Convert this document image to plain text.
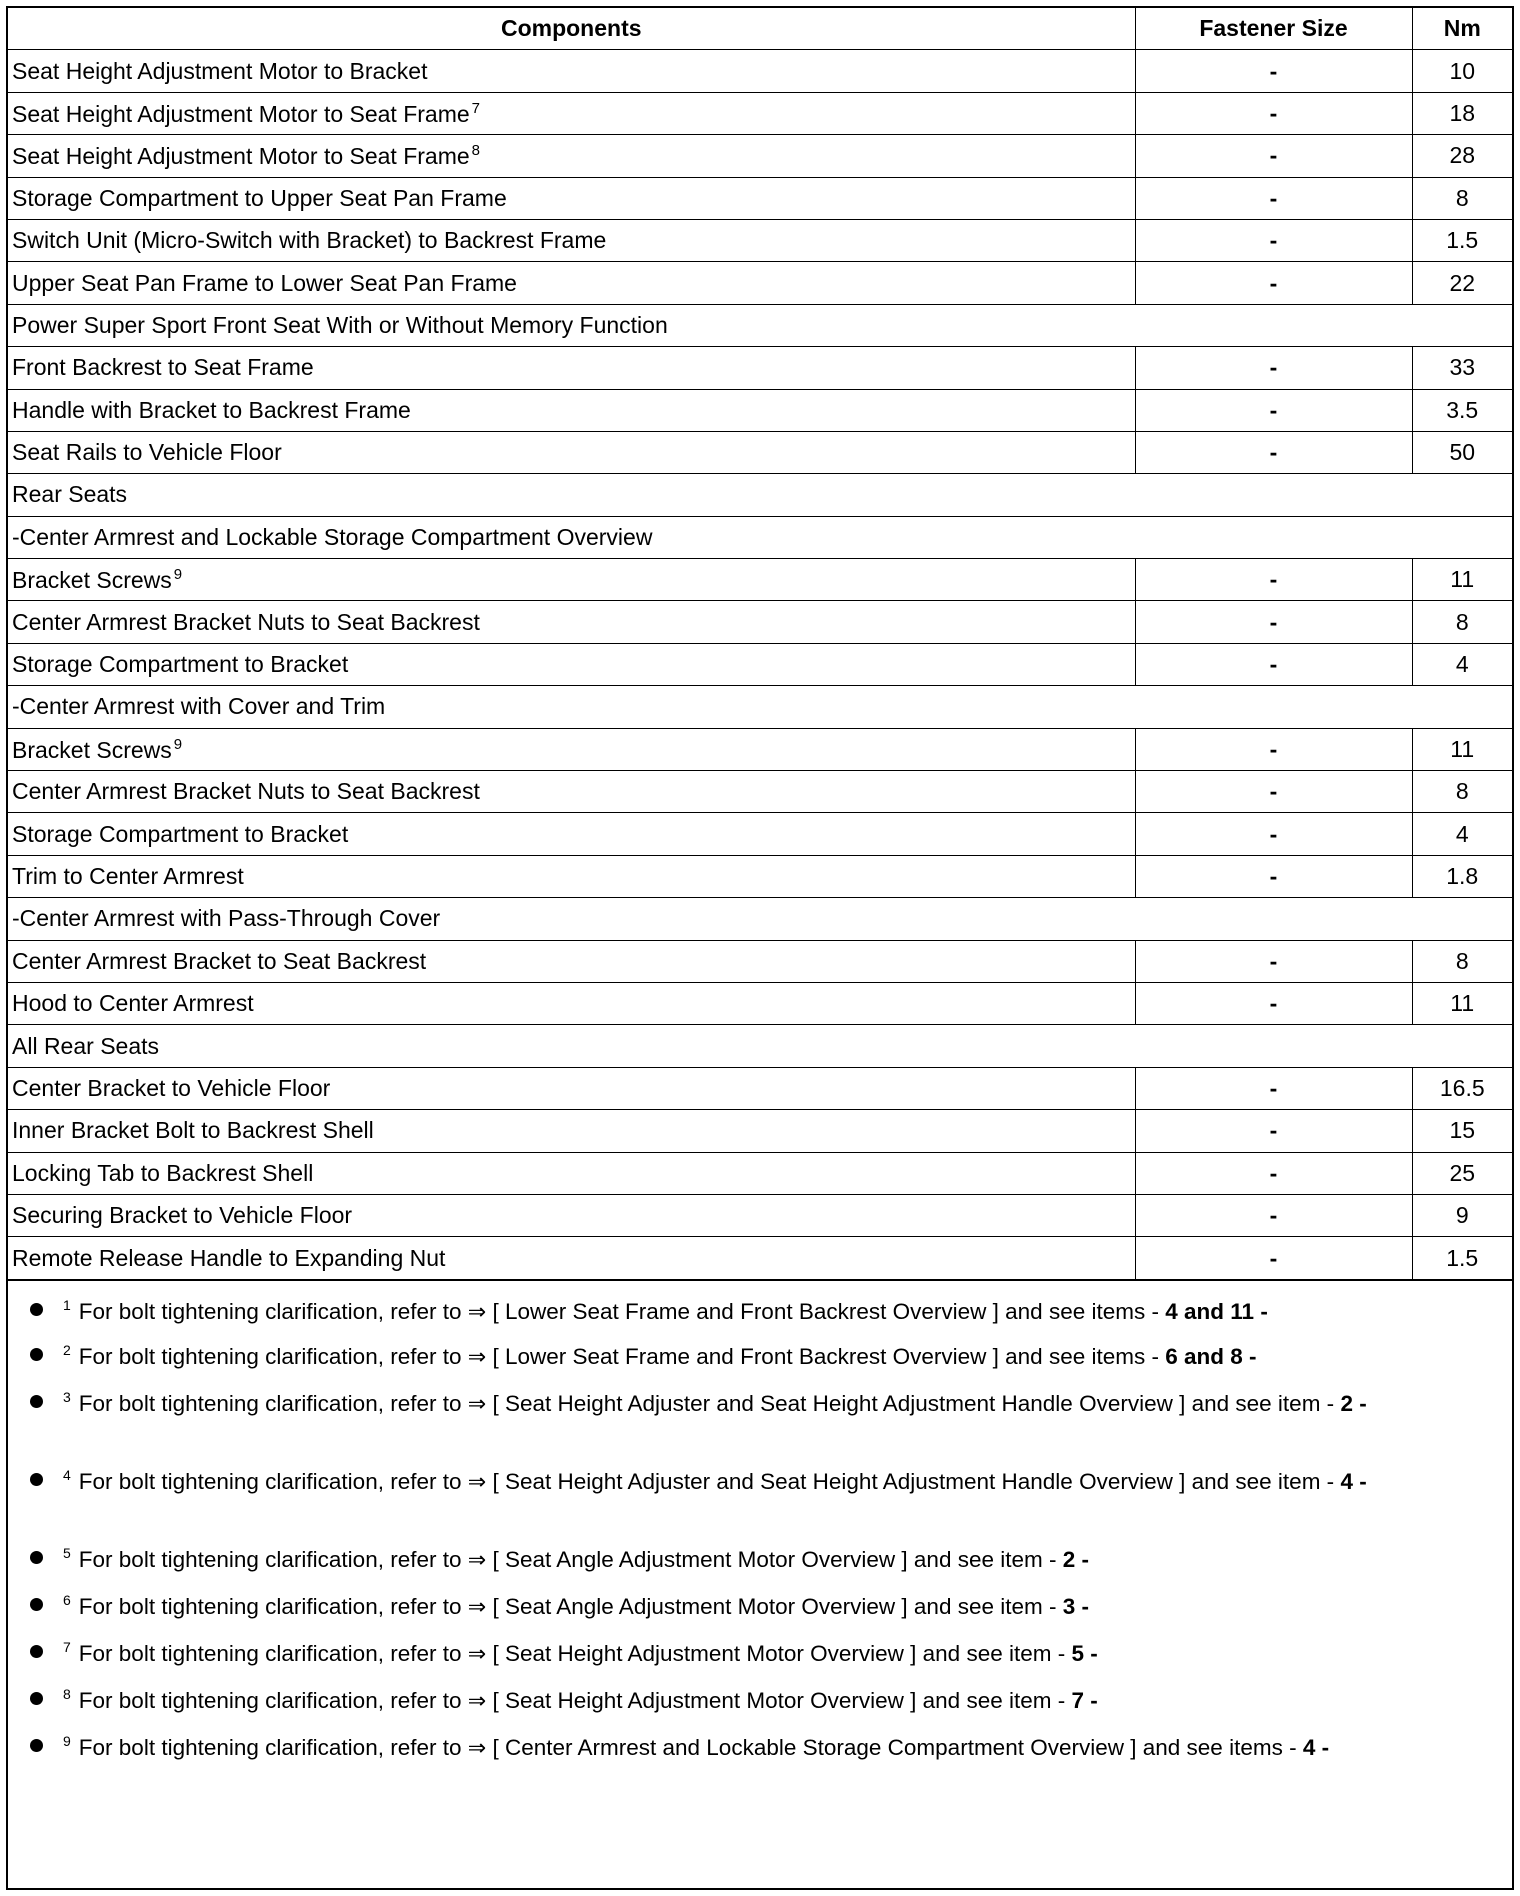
Components	Fastener Size	Nm
Seat Height Adjustment Motor to Bracket	-	10
Seat Height Adjustment Motor to Seat Frame $^7$	-	18
Seat Height Adjustment Motor to Seat Frame $^8$	-	28
Storage Compartment to Upper Seat Pan Frame	-	8
Switch Unit (Micro-Switch with Bracket) to Backrest Frame	-	1.5
Upper Seat Pan Frame to Lower Seat Pan Frame	-	22
Power Super Sport Front Seat With or Without Memory Function		
Front Backrest to Seat Frame	-	33
Handle with Bracket to Backrest Frame	-	3.5
Seat Rails to Vehicle Floor	-	50
Rear Seats		
-Center Armrest and Lockable Storage Compartment Overview		
Bracket Screws $^9$	-	11
Center Armrest Bracket Nuts to Seat Backrest	-	8
Storage Compartment to Bracket	-	4
-Center Armrest with Cover and Trim		
Bracket Screws $^9$	-	11
Center Armrest Bracket Nuts to Seat Backrest	-	8
Storage Compartment to Bracket	-	4
Trim to Center Armrest	-	1.8
-Center Armrest with Pass-Through Cover		
Center Armrest Bracket to Seat Backrest	-	8
Hood to Center Armrest	-	11
All Rear Seats		
Center Bracket to Vehicle Floor	-	16.5
Inner Bracket Bolt to Backrest Shell	-	15
Locking Tab to Backrest Shell	-	25
Securing Bracket to Vehicle Floor	-	9
Remote Release Handle to Expanding Nut	-	1.5
$^1$ For bolt tightening clarification, refer to ⇒ [ Lower Seat Frame and Front Backrest Overview ] and see items - 4 and 11 -
$^2$ For bolt tightening clarification, refer to ⇒ [ Lower Seat Frame and Front Backrest Overview ] and see items - 6 and 8 -
$^3$ For bolt tightening clarification, refer to ⇒ [ Seat Height Adjuster and Seat Height Adjustment Handle Overview ] and see item - 2 -
$^4$ For bolt tightening clarification, refer to ⇒ [ Seat Height Adjuster and Seat Height Adjustment Handle Overview ] and see item - 4 -
$^5$ For bolt tightening clarification, refer to ⇒ [ Seat Angle Adjustment Motor Overview ] and see item - 2 -
$^6$ For bolt tightening clarification, refer to ⇒ [ Seat Angle Adjustment Motor Overview ] and see item - 3 -
$^7$ For bolt tightening clarification, refer to ⇒ [ Seat Height Adjustment Motor Overview ] and see item - 5 -
$^8$ For bolt tightening clarification, refer to ⇒ [ Seat Height Adjustment Motor Overview ] and see item - 7 -
$^9$ For bolt tightening clarification, refer to ⇒ [ Center Armrest and Lockable Storage Compartment Overview ] and see items - 4 -
